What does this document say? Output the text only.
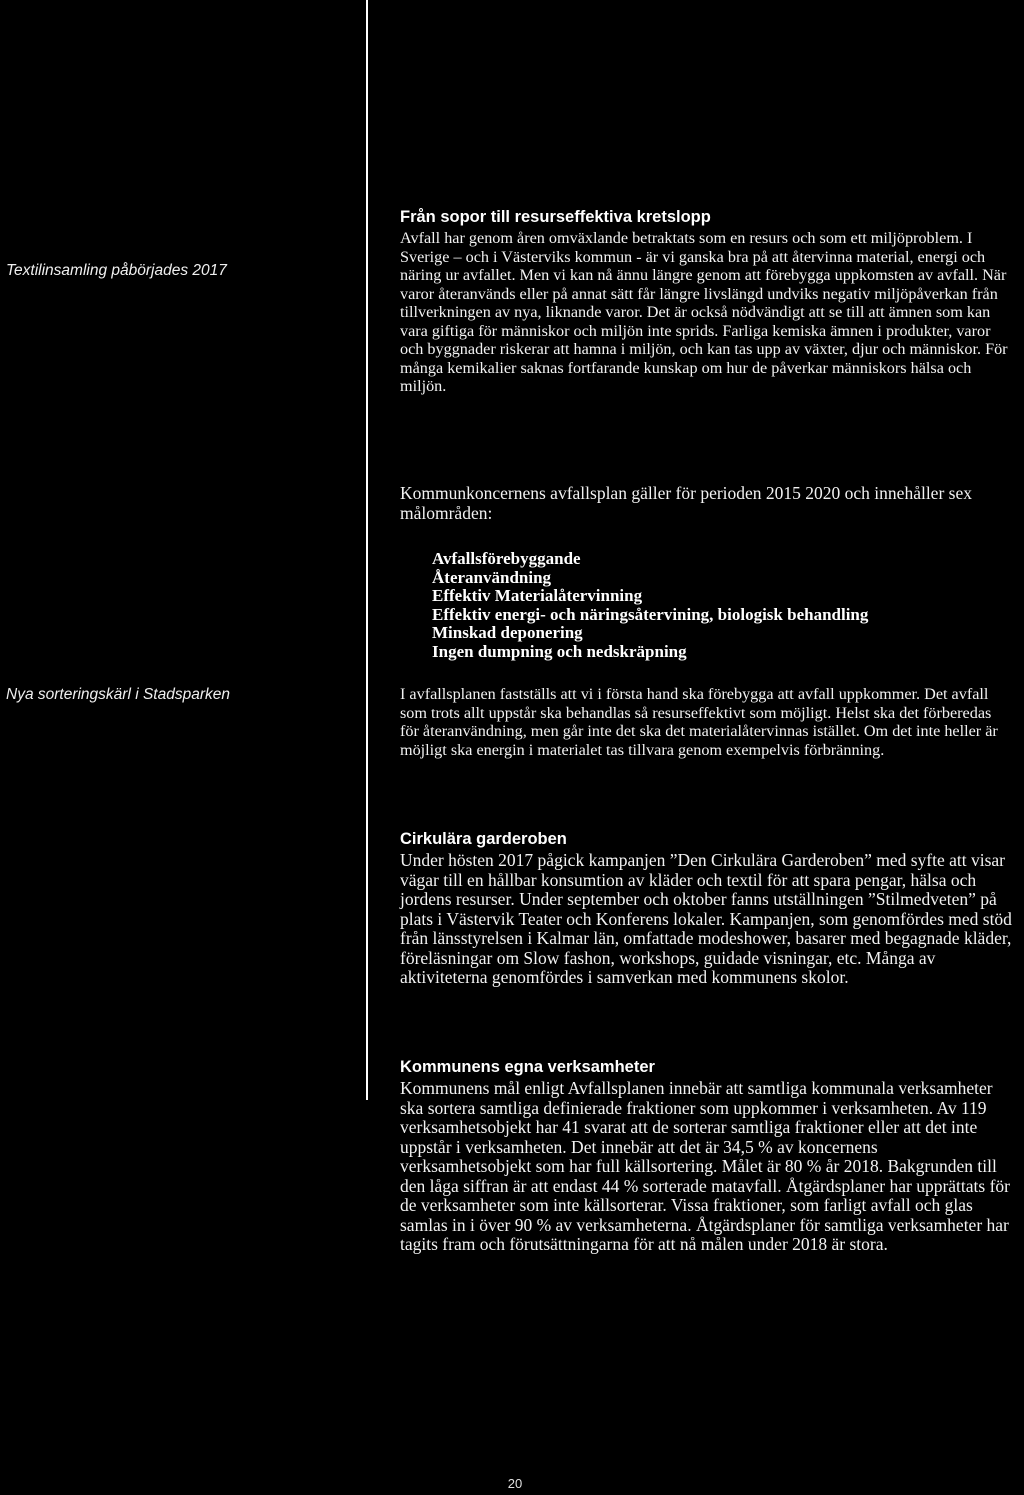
Textilinsamling påbörjades 2017
Nya sorteringskärl i Stadsparken
Från sopor till resurseffektiva kretslopp

Avfall har genom åren omväxlande betraktats som en resurs och som ett miljöproblem. I Sverige – och i Västerviks kommun - är vi ganska bra på att återvinna material, energi och näring ur avfallet. Men vi kan nå ännu längre genom att förebygga uppkomsten av avfall. När varor återanvänds eller på annat sätt får längre livslängd undviks negativ miljöpåverkan från tillverkningen av nya, liknande varor. Det är också nödvändigt att se till att ämnen som kan vara giftiga för människor och miljön inte sprids. Farliga kemiska ämnen i produkter, varor och byggnader riskerar att hamna i miljön, och kan tas upp av växter, djur och människor. För många kemikalier saknas fortfarande kunskap om hur de påverkar människors hälsa och miljön.

Kommunkoncernens avfallsplan gäller för perioden 2015 2020 och innehåller sex målområden:

Avfallsförebyggande
Återanvändning
Effektiv Materialåtervinning
Effektiv energi- och näringsåtervining, biologisk behandling
Minskad deponering
Ingen dumpning och nedskräpning

I avfallsplanen fastställs att vi i första hand ska förebygga att avfall uppkommer. Det avfall som trots allt uppstår ska behandlas så resurseffektivt som möjligt. Helst ska det förberedas för återanvändning, men går inte det ska det materialåtervinnas istället. Om det inte heller är möjligt ska energin i materialet tas tillvara genom exempelvis förbränning.

Cirkulära garderoben

Under hösten 2017 pågick kampanjen ”Den Cirkulära Garderoben” med syfte att visar vägar till en hållbar konsumtion av kläder och textil för att spara pengar, hälsa och jordens resurser. Under september och oktober fanns utställningen ”Stilmedveten” på plats i Västervik Teater och Konferens lokaler. Kampanjen, som genomfördes med stöd från länsstyrelsen i Kalmar län, omfattade modeshower, basarer med begagnade kläder, föreläsningar om Slow fashon, workshops, guidade visningar, etc. Många av aktiviteterna genomfördes i samverkan med kommunens skolor.

Kommunens egna verksamheter

Kommunens mål enligt Avfallsplanen innebär att samtliga kommunala verksamheter ska sortera samtliga definierade fraktioner som uppkommer i verksamheten. Av 119 verksamhetsobjekt har 41 svarat att de sorterar samtliga fraktioner eller att det inte uppstår i verksamheten. Det innebär att det är 34,5 % av koncernens verksamhetsobjekt som har full källsortering. Målet är 80 % år 2018. Bakgrunden till den låga siffran är att endast 44 % sorterade matavfall. Åtgärdsplaner har upprättats för de verksamheter som inte källsorterar. Vissa fraktioner, som farligt avfall och glas samlas in i över 90 % av verksamheterna. Åtgärdsplaner för samtliga verksamheter har tagits fram och förutsättningarna för att nå målen under 2018 är stora.

20
